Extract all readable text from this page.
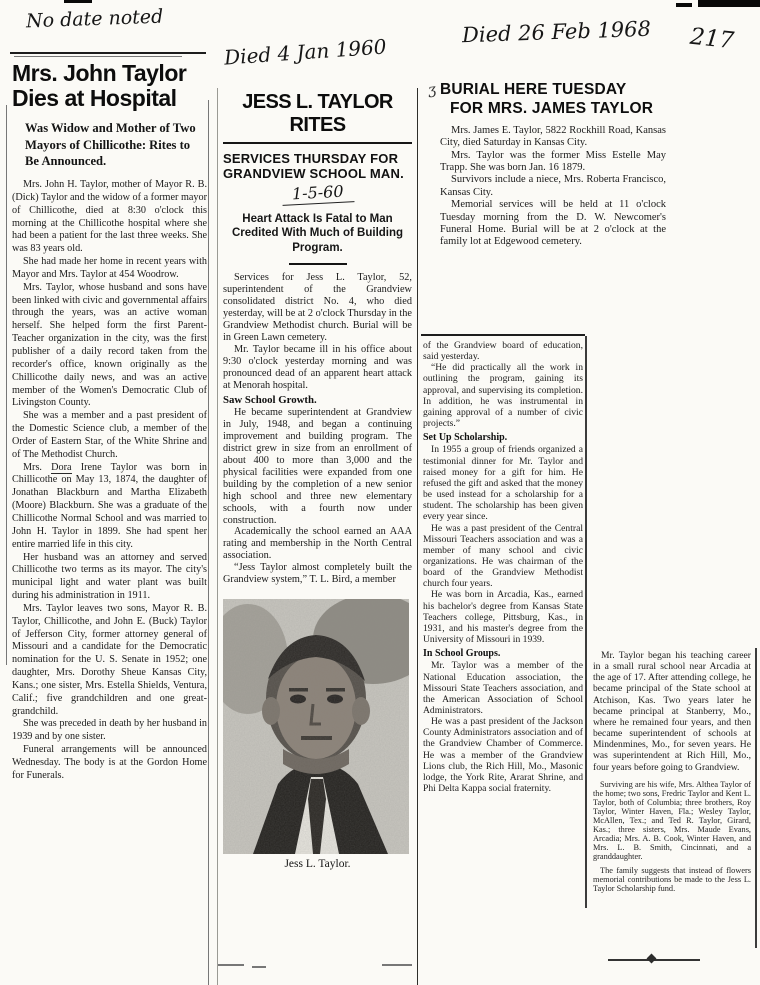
No date noted
217
Died 4 Jan 1960
Died 26 Feb 1968
ʒ
Mrs. John Taylor Dies at Hospital
Was Widow and Mother of Two Mayors of Chillicothe: Rites to Be Announced.

Mrs. John H. Taylor, mother of Mayor R. B. (Dick) Taylor and the widow of a former mayor of Chillicothe, died at 8:30 o'clock this morning at the Chillicothe hospital where she had been a patient for the last three weeks. She was 83 years old.

She had made her home in recent years with Mayor and Mrs. Taylor at 454 Woodrow.

Mrs. Taylor, whose husband and sons have been linked with civic and governmental affairs through the years, was an active woman herself. She helped form the first Parent-Teacher organization in the city, was the first publisher of a daily record taken from the recorder's office, known originally as the Chillicothe daily news, and was an active member of the Women's Democratic Club of Livingston County.

She was a member and a past president of the Domestic Science club, a member of the Order of Eastern Star, of the White Shrine and of The Methodist Church.

Mrs. Dora Irene Taylor was born in Chillicothe on May 13, 1874, the daughter of Jonathan Blackburn and Martha Elizabeth (Moore) Blackburn. She was a graduate of the Chillicothe Normal School and was married to John H. Taylor in 1899. She had spent her entire married life in this city.

Her husband was an attorney and served Chillicothe two terms as its mayor. The city's municipal light and water plant was built during his administration in 1911.

Mrs. Taylor leaves two sons, Mayor R. B. Taylor, Chillicothe, and John E. (Buck) Taylor of Jefferson City, former attorney general of Missouri and a candidate for the Democratic nomination for the U. S. Senate in 1952; one daughter, Mrs. Dorothy Sheue Kansas City, Kans.; one sister, Mrs. Estella Shields, Ventura, Calif.; five grandchildren and one great-grandchild.

She was preceded in death by her husband in 1939 and by one sister.

Funeral arrangements will be announced Wednesday. The body is at the Gordon Home for Funerals.

JESS L. TAYLOR RITES
SERVICES THURSDAY FOR GRANDVIEW SCHOOL MAN.
1-5-60
Heart Attack Is Fatal to Man Credited With Much of Building Program.

Services for Jess L. Taylor, 52, superintendent of the Grandview consolidated district No. 4, who died yesterday, will be at 2 o'clock Thursday in the Grandview Methodist church. Burial will be in Green Lawn cemetery.

Mr. Taylor became ill in his office about 9:30 o'clock yesterday morning and was pronounced dead of an apparent heart attack at Menorah hospital.

Saw School Growth.

He became superintendent at Grandview in July, 1948, and began a continuing improvement and building program. The district grew in size from an enrollment of about 400 to more than 3,000 and the physical facilities were expanded from one building by the completion of a new senior high school and three new elementary schools, with a fourth now under construction.

Academically the school earned an AAA rating and membership in the North Central association.

“Jess Taylor almost completely built the Grandview system,” T. L. Bird, a member

Jess L. Taylor.
BURIAL HERE TUESDAY
FOR MRS. JAMES TAYLOR

Mrs. James E. Taylor, 5822 Rockhill Road, Kansas City, died Saturday in Kansas City.

Mrs. Taylor was the former Miss Estelle May Trapp. She was born Jan. 16 1879.

Survivors include a niece, Mrs. Roberta Francisco, Kansas City.

Memorial services will be held at 11 o'clock Tuesday morning from the D. W. Newcomer's Funeral Home. Burial will be at 2 o'clock at the family lot at Edgewood cemetery.

of the Grandview board of education, said yesterday.

“He did practically all the work in outlining the program, gaining its approval, and supervising its completion. In addition, he was instrumental in gaining approval of a number of civic projects.”

Set Up Scholarship.

In 1955 a group of friends organized a testimonial dinner for Mr. Taylor and raised money for a gift for him. He refused the gift and asked that the money be used instead for a scholarship for a student. The scholarship has been given every year since.

He was a past president of the Central Missouri Teachers association and was a member of many school and civic organizations. He was chairman of the board of the Grandview Methodist church four years.

He was born in Arcadia, Kas., earned his bachelor's degree from Kansas State Teachers college, Pittsburg, Kas., in 1931, and his master's degree from the University of Missouri in 1939.

In School Groups.

Mr. Taylor was a member of the National Education association, the Missouri State Teachers association, and the American Association of School Administrators.

He was a past president of the Jackson County Administrators association and of the Grandview Chamber of Commerce. He was a member of the Grandview Lions club, the Rich Hill, Mo., Masonic lodge, the York Rite, Ararat Shrine, and Phi Delta Kappa social fraternity.

Mr. Taylor began his teaching career in a small rural school near Arcadia at the age of 17. After attending college, he became principal of the State school at Atchison, Kas. Two years later he became principal at Stanberry, Mo., where he remained four years, and then became superintendent of schools at Mindenmines, Mo., for seven years. He was superintendent at Rich Hill, Mo., four years before going to Grandview.

Surviving are his wife, Mrs. Althea Taylor of the home; two sons, Fredric Taylor and Kent L. Taylor, both of Columbia; three brothers, Roy Taylor, Winter Haven, Fla.; Wesley Taylor, McAllen, Tex.; and Ted R. Taylor, Girard, Kas.; three sisters, Mrs. Maude Evans, Arcadia; Mrs. A. B. Cook, Winter Haven, and Mrs. L. B. Smith, Cincinnati, and a granddaughter.

The family suggests that instead of flowers memorial contributions be made to the Jess L. Taylor Scholarship fund.
